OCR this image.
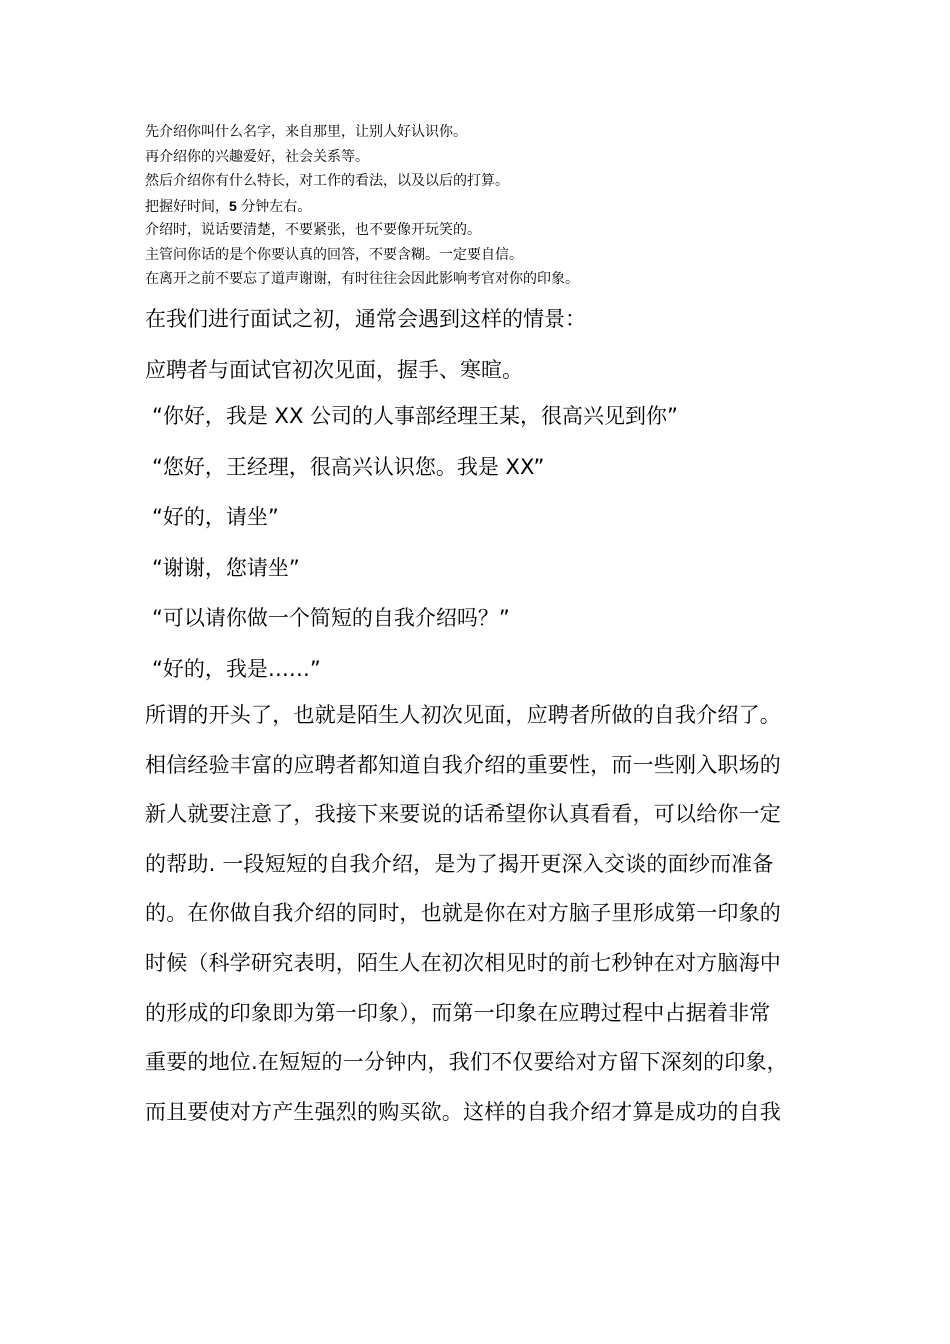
先介绍你叫什么名字，来自那里，让别人好认识你。
再介绍你的兴趣爱好，社会关系等。
然后介绍你有什么特长，对工作的看法，以及以后的打算。
把握好时间，5 分钟左右。
介绍时，说话要清楚，不要紧张，也不要像开玩笑的。
主管问你话的是个你要认真的回答，不要含糊。一定要自信。
在离开之前不要忘了道声谢谢，有时往往会因此影响考官对你的印象。

在我们进行面试之初，通常会遇到这样的情景：

应聘者与面试官初次见面，握手、寒暄。

“你好，我是 XX 公司的人事部经理王某，很高兴见到你”
“您好，王经理，很高兴认识您。我是 XX”
“好的，请坐”
“谢谢，您请坐”
“可以请你做一个简短的自我介绍吗？”
“好的，我是……”
所谓的开头了，也就是陌生人初次见面，应聘者所做的自我介绍了。
相信经验丰富的应聘者都知道自我介绍的重要性，而一些刚入职场的
新人就要注意了，我接下来要说的话希望你认真看看，可以给你一定
的帮助. 一段短短的自我介绍，是为了揭开更深入交谈的面纱而准备
的。在你做自我介绍的同时，也就是你在对方脑子里形成第一印象的
时候（科学研究表明，陌生人在初次相见时的前七秒钟在对方脑海中
的形成的印象即为第一印象），而第一印象在应聘过程中占据着非常
重要的地位.在短短的一分钟内，我们不仅要给对方留下深刻的印象，
而且要使对方产生强烈的购买欲。这样的自我介绍才算是成功的自我
